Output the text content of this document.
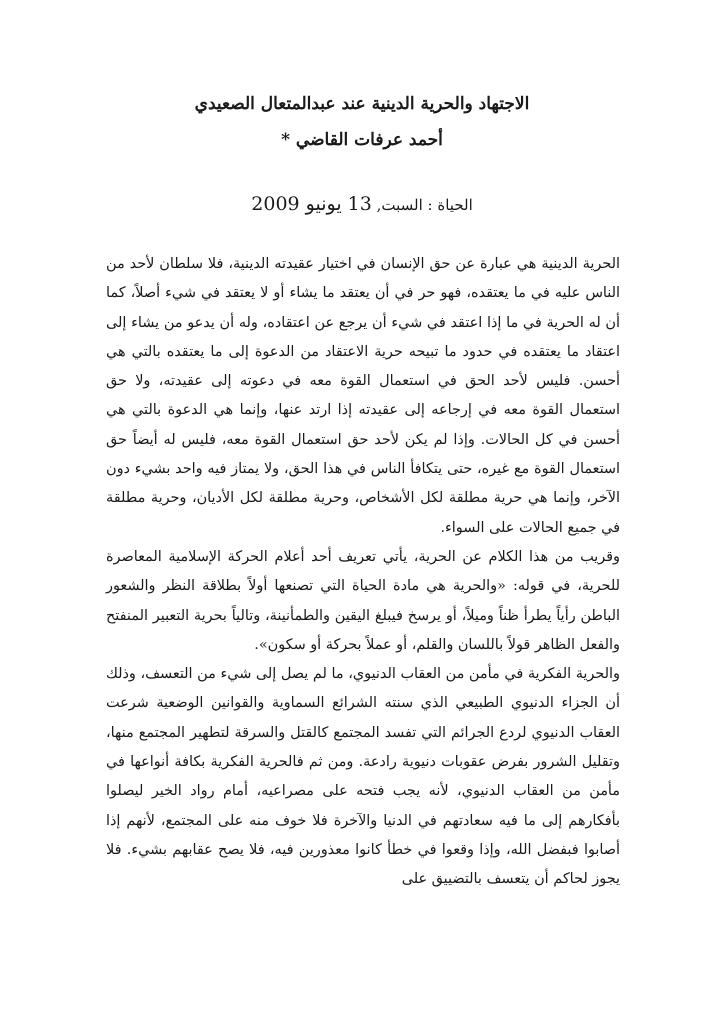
الاجتهاد والحرية الدينية عند عبدالمتعال الصعيدي
أحمد عرفات القاضي *
الحياة : السبت, 13 يونيو 2009

الحرية الدينية هي عبارة عن حق الإنسان في اختيار عقيدته الدينية، فلا سلطان لأحد من الناس عليه في ما يعتقده، فهو حر في أن يعتقد ما يشاء أو لا يعتقد في شيء أصلاً، كما أن له الحرية في ما إذا اعتقد في شيء أن يرجع عن اعتقاده، وله أن يدعو من يشاء إلى اعتقاد ما يعتقده في حدود ما تبيحه حرية الاعتقاد من الدعوة إلى ما يعتقده بالتي هي أحسن. فليس لأحد الحق في استعمال القوة معه في دعوته إلى عقيدته، ولا حق استعمال القوة معه في إرجاعه إلى عقيدته إذا ارتد عنها، وإنما هي الدعوة بالتي هي أحسن في كل الحالات. وإذا لم يكن لأحد حق استعمال القوة معه، فليس له أيضاً حق استعمال القوة مع غيره، حتى يتكافأ الناس في هذا الحق، ولا يمتاز فيه واحد بشيء دون الآخر، وإنما هي حرية مطلقة لكل الأشخاص، وحرية مطلقة لكل الأديان، وحرية مطلقة في جميع الحالات على السواء.

وقريب من هذا الكلام عن الحرية، يأتي تعريف أحد أعلام الحركة الإسلامية المعاصرة للحرية، في قوله: «والحرية هي مادة الحياة التي تصنعها أولاً بطلاقة النظر والشعور الباطن رأياً يطرأ ظناً وميلاً، أو يرسخ فيبلغ اليقين والطمأنينة، وتالياً بحرية التعبير المنفتح والفعل الظاهر قولاً باللسان والقلم، أو عملاً بحركة أو سكون».

والحرية الفكرية في مأمن من العقاب الدنيوي، ما لم يصل إلى شيء من التعسف، وذلك أن الجزاء الدنيوي الطبيعي الذي سنته الشرائع السماوية والقوانين الوضعية شرعت العقاب الدنيوي لردع الجرائم التي تفسد المجتمع كالقتل والسرقة لتطهير المجتمع منها، وتقليل الشرور بفرض عقوبات دنيوية رادعة. ومن ثم فالحرية الفكرية بكافة أنواعها في مأمن من العقاب الدنيوي، لأنه يجب فتحه على مصراعيه، أمام رواد الخير ليصلوا بأفكارهم إلى ما فيه سعادتهم في الدنيا والآخرة فلا خوف منه على المجتمع، لأنهم إذا أصابوا فبفضل الله، وإذا وقعوا في خطأ كانوا معذورين فيه، فلا يصح عقابهم بشيء. فلا يجوز لحاكم أن يتعسف بالتضييق على
